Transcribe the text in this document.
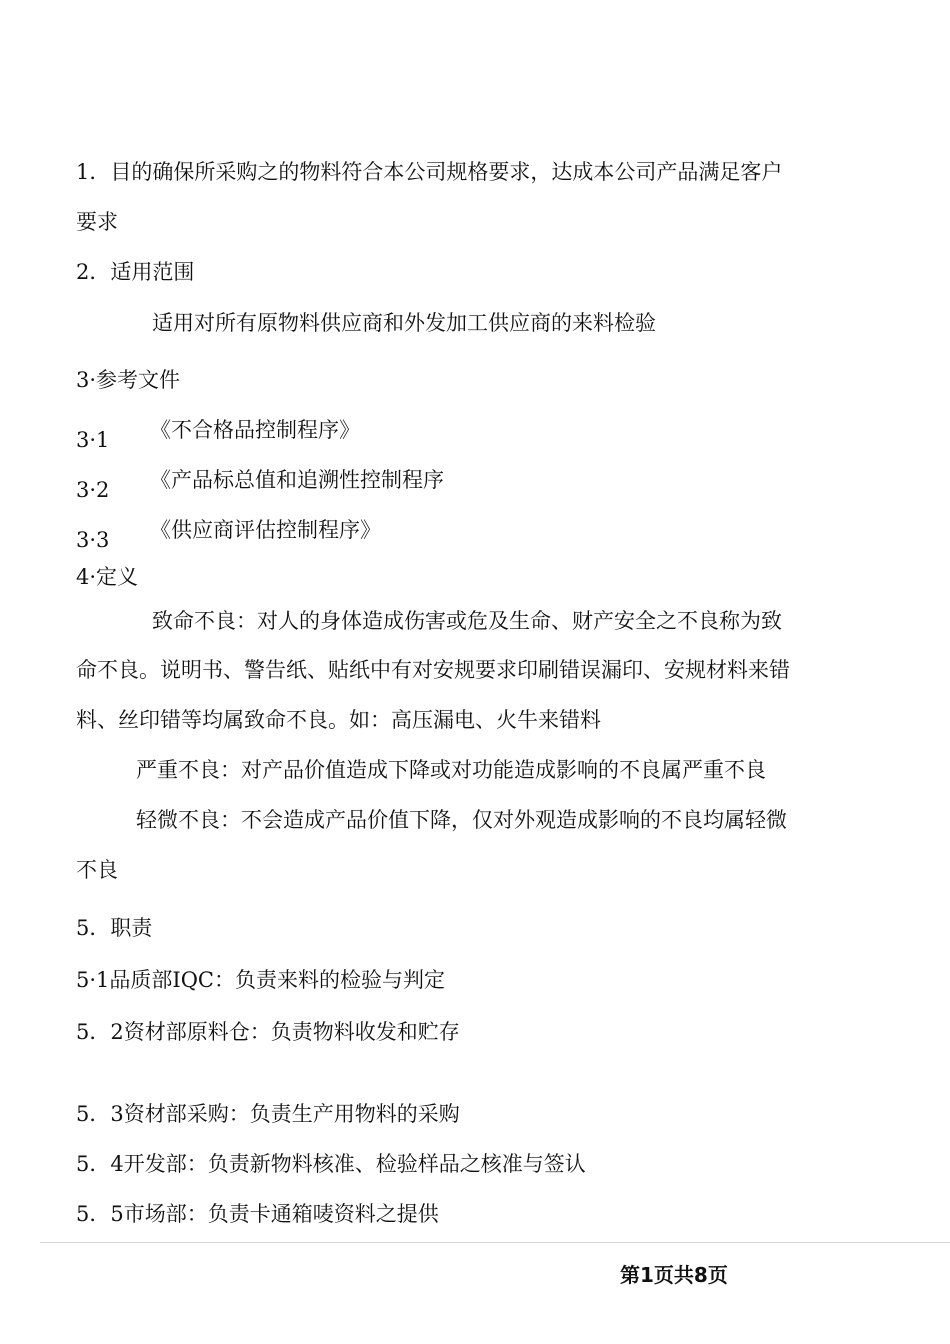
1．目的确保所采购之的物料符合本公司规格要求，达成本公司产品满足客户
要求
2．适用范围
适用对所有原物料供应商和外发加工供应商的来料检验
3·参考文件
3·1 《不合格品控制程序》
3·2 《产品标总值和追溯性控制程序
3·3 《供应商评估控制程序》
4·定义
致命不良：对人的身体造成伤害或危及生命、财产安全之不良称为致
命不良。说明书、警告纸、贴纸中有对安规要求印刷错误漏印、安规材料来错
料、丝印错等均属致命不良。如：高压漏电、火牛来错料
严重不良：对产品价值造成下降或对功能造成影响的不良属严重不良
轻微不良：不会造成产品价值下降，仅对外观造成影响的不良均属轻微
不良
5．职责
5·1品质部IQC：负责来料的检验与判定
5．2资材部原料仓：负责物料收发和贮存
5．3资材部采购：负责生产用物料的采购
5．4开发部：负责新物料核准、检验样品之核准与签认
5．5市场部：负责卡通箱唛资料之提供
第1页共8页
